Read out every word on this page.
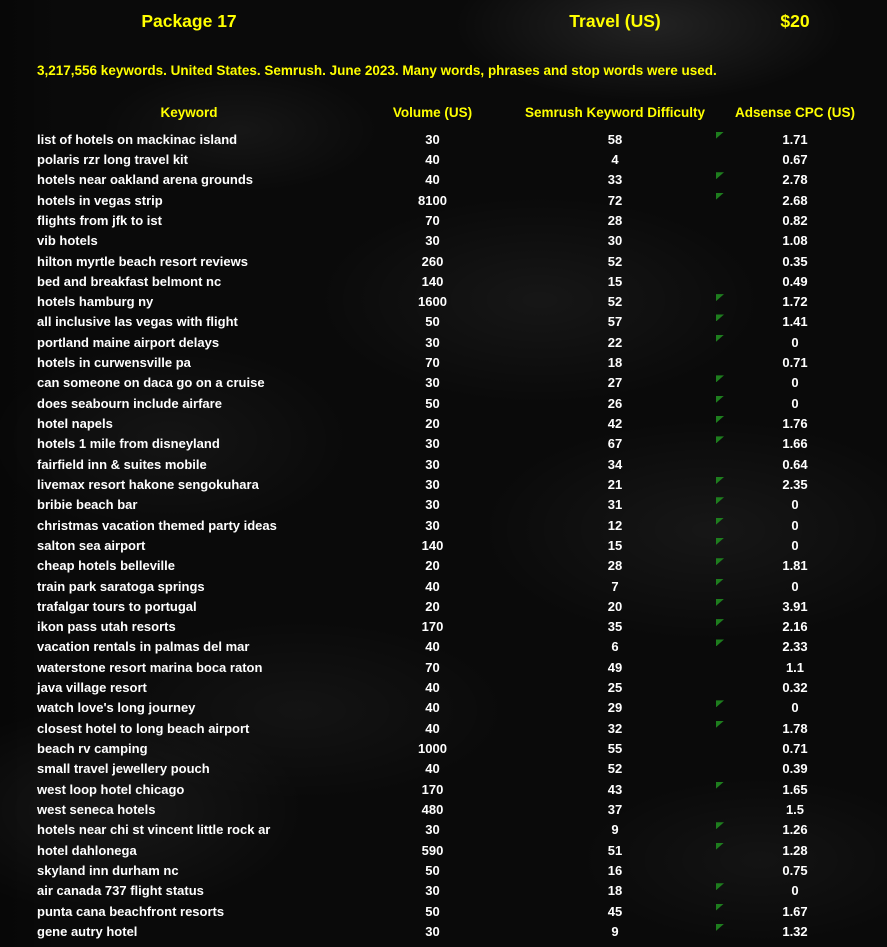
Package 17	Travel (US)	$20
3,217,556 keywords. United States. Semrush. June 2023. Many words, phrases and stop words were used.
Keyword	Volume (US)	Semrush Keyword Difficulty	Adsense CPC (US)
list of hotels on mackinac island	30	58	1.71
polaris rzr long travel kit	40	4	0.67
hotels near oakland arena grounds	40	33	2.78
hotels in vegas strip	8100	72	2.68
flights from jfk to ist	70	28	0.82
vib hotels	30	30	1.08
hilton myrtle beach resort reviews	260	52	0.35
bed and breakfast belmont nc	140	15	0.49
hotels hamburg ny	1600	52	1.72
all inclusive las vegas with flight	50	57	1.41
portland maine airport delays	30	22	0
hotels in curwensville pa	70	18	0.71
can someone on daca go on a cruise	30	27	0
does seabourn include airfare	50	26	0
hotel napels	20	42	1.76
hotels 1 mile from disneyland	30	67	1.66
fairfield inn & suites mobile	30	34	0.64
livemax resort hakone sengokuhara	30	21	2.35
bribie beach bar	30	31	0
christmas vacation themed party ideas	30	12	0
salton sea airport	140	15	0
cheap hotels belleville	20	28	1.81
train park saratoga springs	40	7	0
trafalgar tours to portugal	20	20	3.91
ikon pass utah resorts	170	35	2.16
vacation rentals in palmas del mar	40	6	2.33
waterstone resort marina boca raton	70	49	1.1
java village resort	40	25	0.32
watch love's long journey	40	29	0
closest hotel to long beach airport	40	32	1.78
beach rv camping	1000	55	0.71
small travel jewellery pouch	40	52	0.39
west loop hotel chicago	170	43	1.65
west seneca hotels	480	37	1.5
hotels near chi st vincent little rock ar	30	9	1.26
hotel dahlonega	590	51	1.28
skyland inn durham nc	50	16	0.75
air canada 737 flight status	30	18	0
punta cana beachfront resorts	50	45	1.67
gene autry hotel	30	9	1.32
